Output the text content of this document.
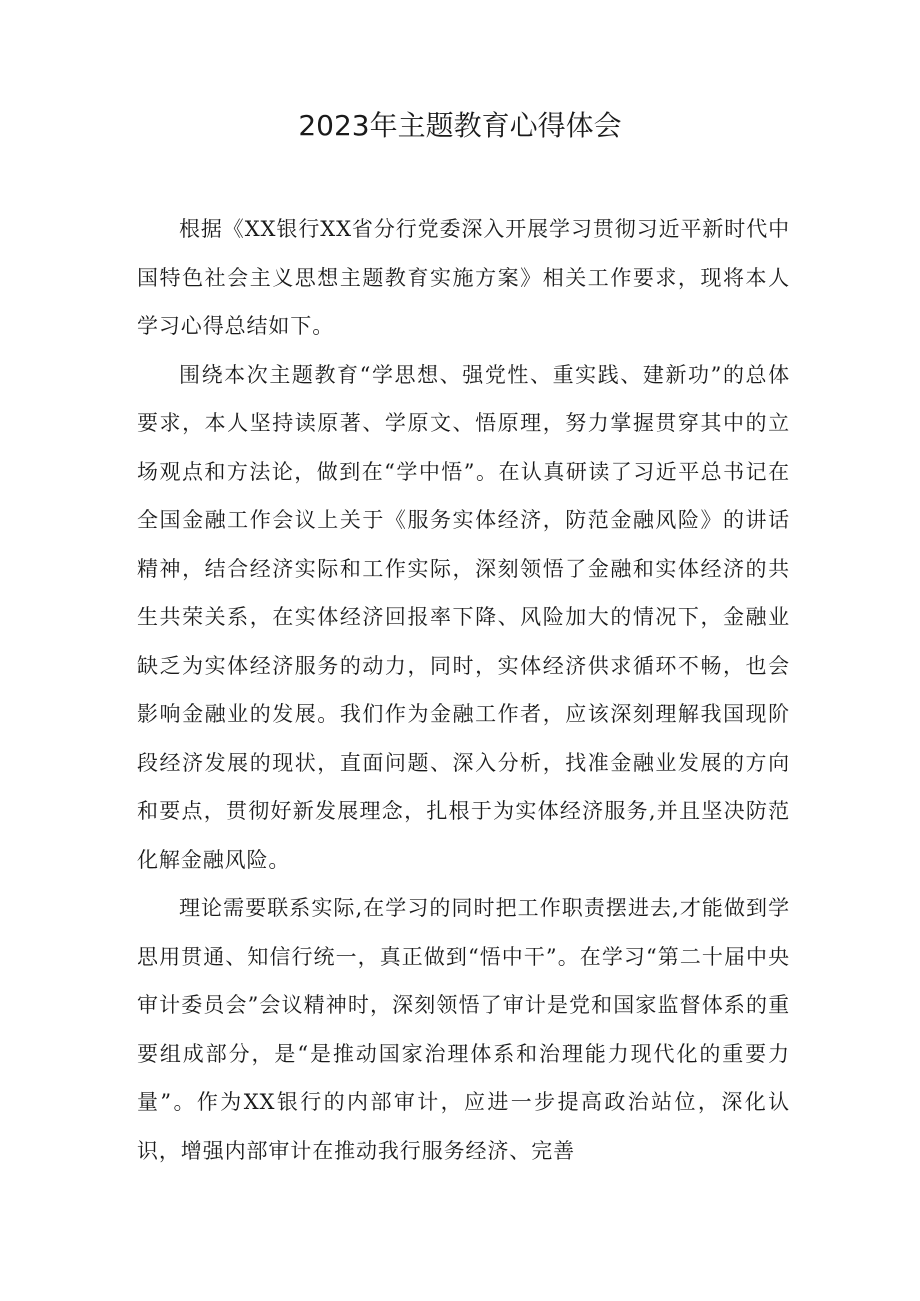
2023年主题教育心得体会

根据《XX银行XX省分行党委深入开展学习贯彻习近平新时代中国特色社会主义思想主题教育实施方案》相关工作要求，现将本人学习心得总结如下。

围绕本次主题教育“学思想、强党性、重实践、建新功”的总体要求，本人坚持读原著、学原文、悟原理，努力掌握贯穿其中的立场观点和方法论，做到在“学中悟”。在认真研读了习近平总书记在全国金融工作会议上关于《服务实体经济，防范金融风险》的讲话精神，结合经济实际和工作实际，深刻领悟了金融和实体经济的共生共荣关系，在实体经济回报率下降、风险加大的情况下，金融业缺乏为实体经济服务的动力，同时，实体经济供求循环不畅，也会影响金融业的发展。我们作为金融工作者，应该深刻理解我国现阶段经济发展的现状，直面问题、深入分析，找准金融业发展的方向和要点，贯彻好新发展理念，扎根于为实体经济服务,并且坚决防范化解金融风险。

理论需要联系实际,在学习的同时把工作职责摆进去,才能做到学思用贯通、知信行统一，真正做到“悟中干”。在学习“第二十届中央审计委员会”会议精神时，深刻领悟了审计是党和国家监督体系的重要组成部分，是“是推动国家治理体系和治理能力现代化的重要力量”。作为XX银行的内部审计，应进一步提高政治站位，深化认识，增强内部审计在推动我行服务经济、完善
